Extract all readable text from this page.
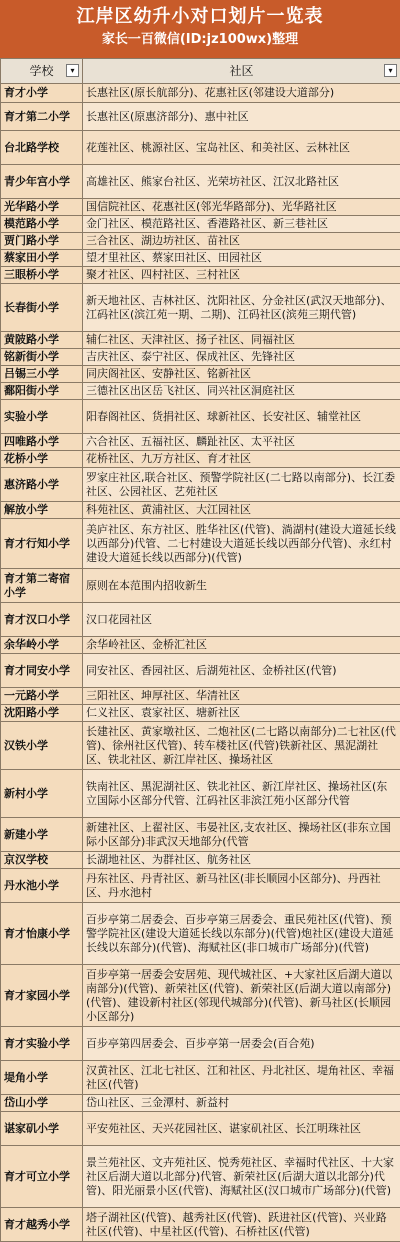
江岸区幼升小对口划片一览表
家长一百微信(ID:jz100wx)整理
学校 ▾	社区 ▾

育才小学	长惠社区(原长航部分)、花惠社区(邻建设大道部分)
育才第二小学	长惠社区(原惠济部分)、惠中社区
台北路学校	花莲社区、桃源社区、宝岛社区、和美社区、云林社区
青少年宫小学	高雄社区、熊家台社区、光荣坊社区、江汉北路社区
光华路小学	国信院社区、花惠社区(邻光华路部分)、光华路社区
模范路小学	金门社区、模范路社区、香港路社区、新三巷社区
贾门路小学	三合社区、湖边坊社区、苗社区
蔡家田小学	望才里社区、蔡家田社区、田园社区
三眼桥小学	聚才社区、四村社区、三村社区
长春街小学	新天地社区、吉林社区、沈阳社区、分金社区(武汉天地部分)、江码社区(滨江苑一期、二期)、江码社区(滨苑三期代管)
黄陂路小学	辅仁社区、天津社区、扬子社区、同福社区
铭新街小学	吉庆社区、泰宁社区、保成社区、先锋社区
吕锡三小学	同庆阁社区、安静社区、铭新社区
鄱阳街小学	三德社区出区岳飞社区、同兴社区洞庭社区
实验小学	阳春阁社区、货捐社区、球新社区、长安社区、辅堂社区
四唯路小学	六合社区、五福社区、麟趾社区、太平社区
花桥小学	花桥社区、九万方社区、育才社区
惠济路小学	罗家庄社区,联合社区、预警学院社区(二七路以南部分)、长江委社区、公园社区、艺苑社区
解放小学	科苑社区、黄浦社区、大江园社区
育才行知小学	美庐社区、东方社区、胜华社区(代管)、淌湖村(建设大道延长线以西部分)代管、二七村建设大道延长线以西部分代管)、永红村建设大道延长线以西部分)(代管)
育才第二寄宿小学	原则在本范围内招收新生
育才汉口小学	汉口花园社区
余华岭小学	余华岭社区、金桥汇社区
育才同安小学	同安社区、香园社区、后湖苑社区、金桥社区(代管)
一元路小学	三阳社区、坤厚社区、华清社区
沈阳路小学	仁义社区、袁家社区、塘新社区
汉铁小学	长建社区、黄家墩社区、二炮社区(二七路以南部分)二七社区(代管)、徐州社区代管)、转车楼社区(代管)铁新社区、黑泥湖社区、铁北社区、新江岸社区、操场社区
新村小学	铁南社区、黑泥湖社区、铁北社区、新江岸社区、操场社区(东立国际小区部分代管、江码社区非滨江苑小区部分代管
新建小学	新建社区、上翟社区、韦晏社区,支农社区、操场社区(非东立国际小区部分)非武汉天地部分(代管
京汉学校	长湖地社区、为群社区、航务社区
丹水池小学	丹东社区、丹青社区、新马社区(非长顺园小区部分)、丹西社区、丹水池村
育才怡康小学	百步亭第二居委会、百步亭第三居委会、重民苑社区(代管)、预警学院社区(建设大道延长线以东部分)(代管)炮社区(建设大道延长线以东部分)(代管)、海赋社区(非口城市广场部分)(代管)
育才家园小学	百步亭第一居委会安居苑、现代城社区、+大家社区后湖大道以南部分)(代管)、新荣社区(代管)、新荣社区(后湖大道以南部分)(代管)、建设新村社区(邻现代城部分)(代管)、新马社区(长顺园小区部分)
育才实验小学	百步亭第四居委会、百步亭第一居委会(百合苑)
堤角小学	汉黄社区、江北七社区、江和社区、丹北社区、堤角社区、幸福社区(代管)
岱山小学	岱山社区、三金潭村、新益村
谌家矶小学	平安苑社区、天兴花园社区、谌家矶社区、长江明珠社区
育才可立小学	景兰苑社区、文卉苑社区、悦秀苑社区、幸福时代社区、十大家社区后湖大道以北部分)代管、新荣社区(后湖大道以北部分)代管)、阳光丽景小区(代管)、海赋社区(汉口城市广场部分)(代管)
育才越秀小学	塔子湖社区(代管)、越秀社区(代管)、跃进社区(代管)、兴业路社区(代管)、中星社区(代管)、石桥社区(代管)
